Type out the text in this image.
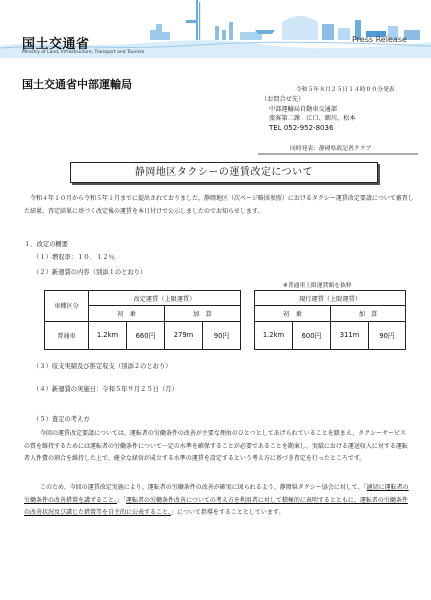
国土交通省
Ministry of Land, Infrastructure, Transport and Tourism
Press Release
国土交通省中部運輸局	令和５年８月２５日１４時００分発表
（お問合せ先）
中部運輸局自動車交通部
旅客第二課　江口、細川、松本
TEL 052-952-8036
同時発表：静岡県政記者クラブ
静岡地区タクシーの運賃改定について
令和４年１０月から令和５年１月までに提出されておりました、静岡地区（次ページ略図参照）におけるタクシー運賃改定要請について審査した結果、査定結果に基づく改定後の運賃を本日付けで公示しましたのでお知らせします。
１．改定の概要
（１）増収率：１０．１２％
（２）新運賃の内容（別添１のとおり）
※普通車上限運賃額を抜粋
車種区分	改定運賃（上限運賃）					現行運賃（上限運賃）			
	初　乗		加　算			初　乗		加　算	
普通車	1.2km	660円	279m	90円		1.2km	600円	311m	90円
（３）収支実績及び推定収支（別添２のとおり）
（４）新運賃の実施日：令和５年９月２５日（月）
（５）査定の考え方
今回の運賃改定要請については、運転者の労働条件の改善が主要な理由のひとつとしてあげられていることを踏まえ、タクシーサービスの質を維持するためには運転者の労働条件について一定の水準を確保することが必要であることを勘案し、実績における運送収入に対する運転者人件費の割合を維持した上で、健全な経営が成立する水準の運賃を設定するという考え方に基づき査定を行ったところです。
このため、今回の運賃改定実施により、運転者の労働条件の改善が確実に図られるよう、静岡県タクシー協会に対して、「適切に運転者の労働条件の改善措置を講ずること。」「運転者の労働条件改善についての考え方を利用者に対して積極的に表明するとともに、運転者の労働条件の改善状況及び講じた措置等を自主的に公表すること。」について指導をすることとしています。
